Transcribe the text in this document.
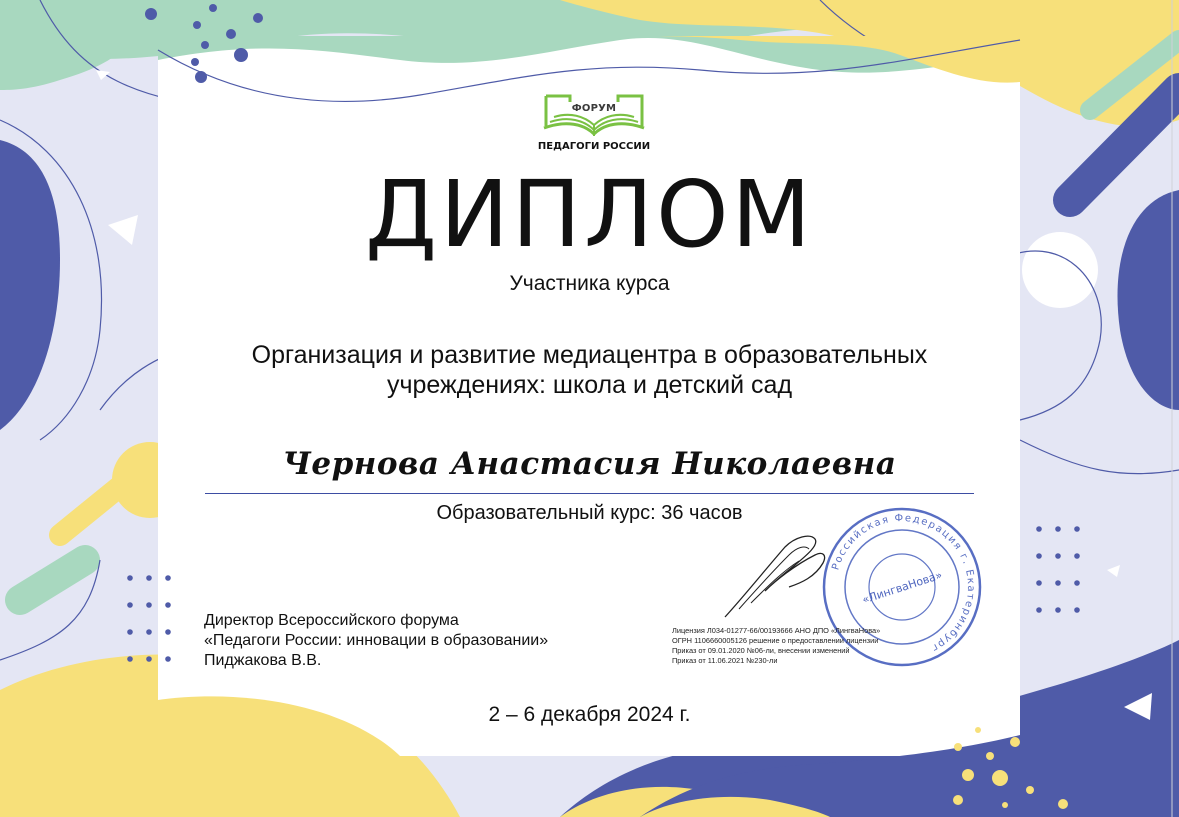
ФОРУМ
ПЕДАГОГИ РОССИИ
ДИПЛОМ
Участника курса
Организация и развитие медиацентра в образовательных
учреждениях: школа и детский сад
Чернова Анастасия Николаевна
Образовательный курс: 36 часов
Директор Всероссийского форума
«Педагоги России: инновации в образовании»
Пиджакова В.В.
Российская Федерация г. Екатеринбург
«ЛингваНова»
Лицензия Л034-01277-66/00193666 АНО ДПО «ЛингваНова»
ОГРН 1106660005126 решение о предоставлении лицензии
Приказ от 09.01.2020 №06-ли, внесении изменений
Приказ от 11.06.2021 №230-ли
2 – 6 декабря 2024 г.
